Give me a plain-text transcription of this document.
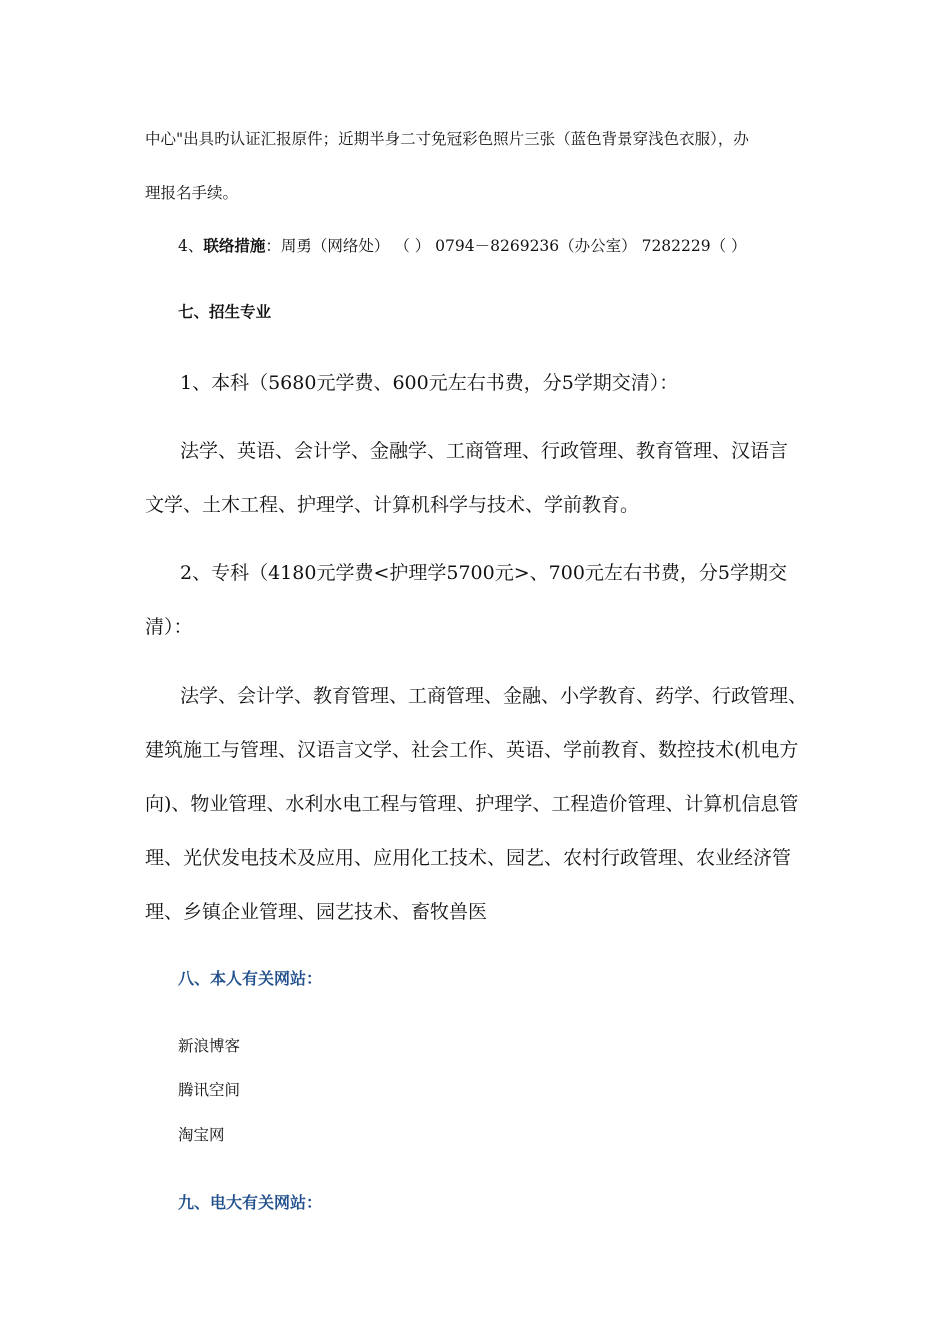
中心"出具旳认证汇报原件；近期半身二寸免冠彩色照片三张（蓝色背景穿浅色衣服），办
理报名手续。
4、联络措施：周勇（网络处） （ ） 0794－8269236（办公室） 7282229（ ）
七、招生专业
1、本科（5680元学费、600元左右书费，分5学期交清）：
法学、英语、会计学、金融学、工商管理、行政管理、教育管理、汉语言
文学、土木工程、护理学、计算机科学与技术、学前教育。
2、专科（4180元学费<护理学5700元>、700元左右书费，分5学期交
清）：
法学、会计学、教育管理、工商管理、金融、小学教育、药学、行政管理、
建筑施工与管理、汉语言文学、社会工作、英语、学前教育、数控技术(机电方
向)、物业管理、水利水电工程与管理、护理学、工程造价管理、计算机信息管
理、光伏发电技术及应用、应用化工技术、园艺、农村行政管理、农业经济管
理、乡镇企业管理、园艺技术、畜牧兽医
八、本人有关网站：
新浪博客
腾讯空间
淘宝网
九、电大有关网站：
